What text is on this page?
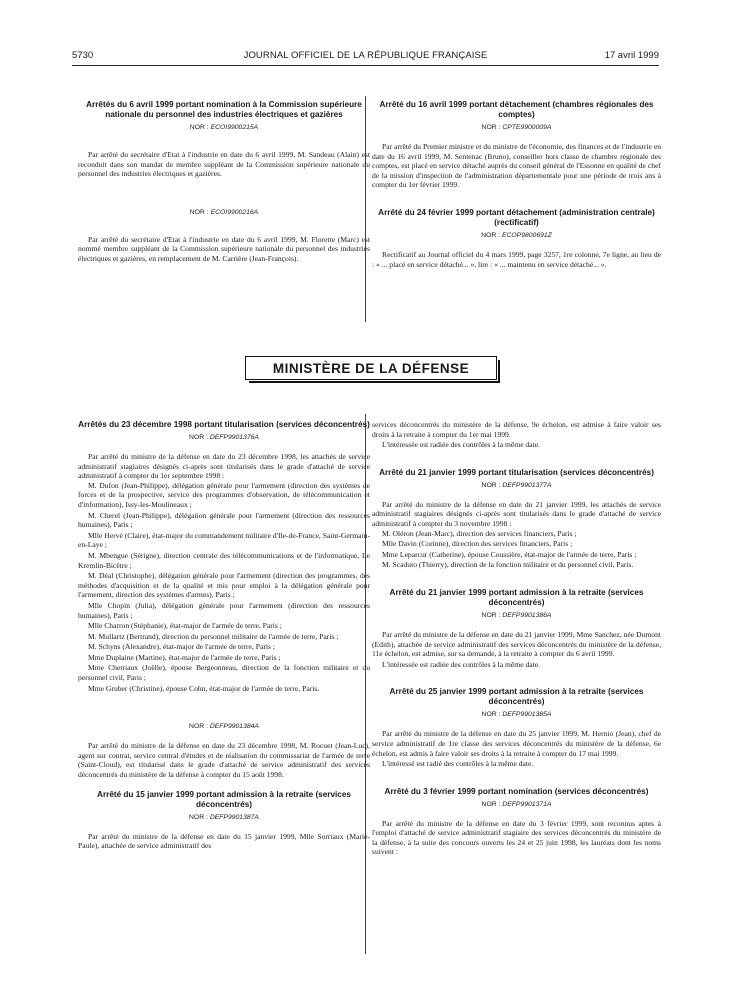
5730	JOURNAL OFFICIEL DE LA RÉPUBLIQUE FRANÇAISE	17 avril 1999

Arrêtés du 6 avril 1999 portant nomination à la Commission supérieure nationale du personnel des industries électriques et gazières

NOR : ECOI9900215A

Par arrêté du secrétaire d'Etat à l'industrie en date du 6 avril 1999, M. Sandeau (Alain) est reconduit dans son mandat de membre suppléant de la Commission supérieure nationale du personnel des industries électriques et gazières.

NOR : ECOI9900216A

Par arrêté du secrétaire d'Etat à l'industrie en date du 6 avril 1999, M. Florette (Marc) est nommé membre suppléant de la Commission supérieure nationale du personnel des industries électriques et gazières, en remplacement de M. Carrière (Jean-François).

Arrêté du 16 avril 1999 portant détachement (chambres régionales des comptes)

NOR : CPTE9900009A

Par arrêté du Premier ministre et du ministre de l'économie, des finances et de l'industrie en date du 16 avril 1999, M. Sentenac (Bruno), conseiller hors classe de chambre régionale des comptes, est placé en service détaché auprès du conseil général de l'Essonne en qualité de chef de la mission d'inspection de l'administration départementale pour une période de trois ans à compter du 1er février 1999.

Arrêté du 24 février 1999 portant détachement (administration centrale) (rectificatif)

NOR : ECOP9800691Z

Rectificatif au Journal officiel du 4 mars 1999, page 3257, 1re colonne, 7e ligne, au lieu de : « ... placé en service détaché... », lire : « ... maintenu en service détaché... ».

MINISTÈRE DE LA DÉFENSE

Arrêtés du 23 décembre 1998 portant titularisation (services déconcentrés)

NOR : DEFP9901376A

Par arrêté du ministre de la défense en date du 23 décembre 1998, les attachés de service administratif stagiaires désignés ci-après sont titularisés dans le grade d'attaché de service administratif à compter du 1er septembre 1998 :

M. Dufon (Jean-Philippe), délégation générale pour l'armement (direction des systèmes de forces et de la prospective, service des programmes d'observation, de télécommunication et d'information), Issy-les-Moulineaux ;

M. Cherel (Jean-Philippe), délégation générale pour l'armement (direction des ressources humaines), Paris ;

Mlle Hervé (Claire), état-major du commandement militaire d'Ile-de-France, Saint-Germain-en-Laye ;

M. Mbengue (Sérigne), direction centrale des télécommunications et de l'informatique, Le Kremlin-Bicêtre ;

M. Déal (Christophe), délégation générale pour l'armement (direction des programmes, des méthodes d'acquisition et de la qualité et mis pour emploi à la délégation générale pour l'armement, direction des systèmes d'armes), Paris ;

Mlle Chopin (Julia), délégation générale pour l'armement (direction des ressources humaines), Paris ;

Mlle Charron (Stéphanie), état-major de l'armée de terre, Paris ;

M. Mullartz (Bertrand), direction du personnel militaire de l'armée de terre, Paris ;

M. Schyns (Alexandre), état-major de l'armée de terre, Paris ;

Mme Duplaine (Martine), état-major de l'armée de terre, Paris ;

Mme Chetriaux (Joëlle), épouse Bergeonneau, direction de la fonction militaire et du personnel civil, Paris ;

Mme Gruber (Christine), épouse Cohn, état-major de l'armée de terre, Paris.

NOR : DEFP9901384A

Par arrêté du ministre de la défense en date du 23 décembre 1998, M. Rocuet (Jean-Luc), agent sur contrat, service central d'études et de réalisation du commissariat de l'armée de terre (Saint-Cloud), est titularisé dans le grade d'attaché de service administratif des services déconcentrés du ministère de la défense à compter du 15 août 1998.

Arrêté du 15 janvier 1999 portant admission à la retraite (services déconcentrés)

NOR : DEFP9901387A

Par arrêté du ministre de la défense en date du 15 janvier 1999, Mlle Sorriaux (Marie-Paule), attachée de service administratif des

services déconcentrés du ministère de la défense, 9e échelon, est admise à faire valoir ses droits à la retraite à compter du 1er mai 1999.

L'intéressée est radiée des contrôles à la même date.

Arrêté du 21 janvier 1999 portant titularisation (services déconcentrés)

NOR : DEFP9901377A

Par arrêté du ministre de la défense en date du 21 janvier 1999, les attachés de service administratif stagiaires désignés ci-après sont titularisés dans le grade d'attaché de service administratif à compter du 3 novembre 1998 :

M. Oléron (Jean-Marc), direction des services financiers, Paris ;

Mlle Davin (Corinne), direction des services financiers, Paris ;

Mme Leparcur (Catherine), épouse Coussière, état-major de l'armée de terre, Paris ;

M. Scaduto (Thierry), direction de la fonction militaire et du personnel civil, Paris.

Arrêté du 21 janvier 1999 portant admission à la retraite (services déconcentrés)

NOR : DEFP9901386A

Par arrêté du ministre de la défense en date du 21 janvier 1999, Mme Sanchez, née Dumont (Edith), attachée de service administratif des services déconcentrés du ministère de la défense, 11e échelon, est admise, sur sa demande, à la retraite à compter du 6 avril 1999.

L'intéressée est radiée des contrôles à la même date.

Arrêté du 25 janvier 1999 portant admission à la retraite (services déconcentrés)

NOR : DEFP9901385A

Par arrêté du ministre de la défense en date du 25 janvier 1999, M. Hernio (Jean), chef de service administratif de 1re classe des services déconcentrés du ministère de la défense, 6e échelon, est admis à faire valoir ses droits à la retraite à compter du 17 mai 1999.

L'intéressé est radié des contrôles à la même date.

Arrêté du 3 février 1999 portant nomination (services déconcentrés)

NOR : DEFP9901371A

Par arrêté du ministre de la défense en date du 3 février 1999, sont reconnus aptes à l'emploi d'attaché de service administratif stagiaire des services déconcentrés du ministère de la défense, à la suite des concours ouverts les 24 et 25 juin 1998, les lauréats dont les noms suivent :
